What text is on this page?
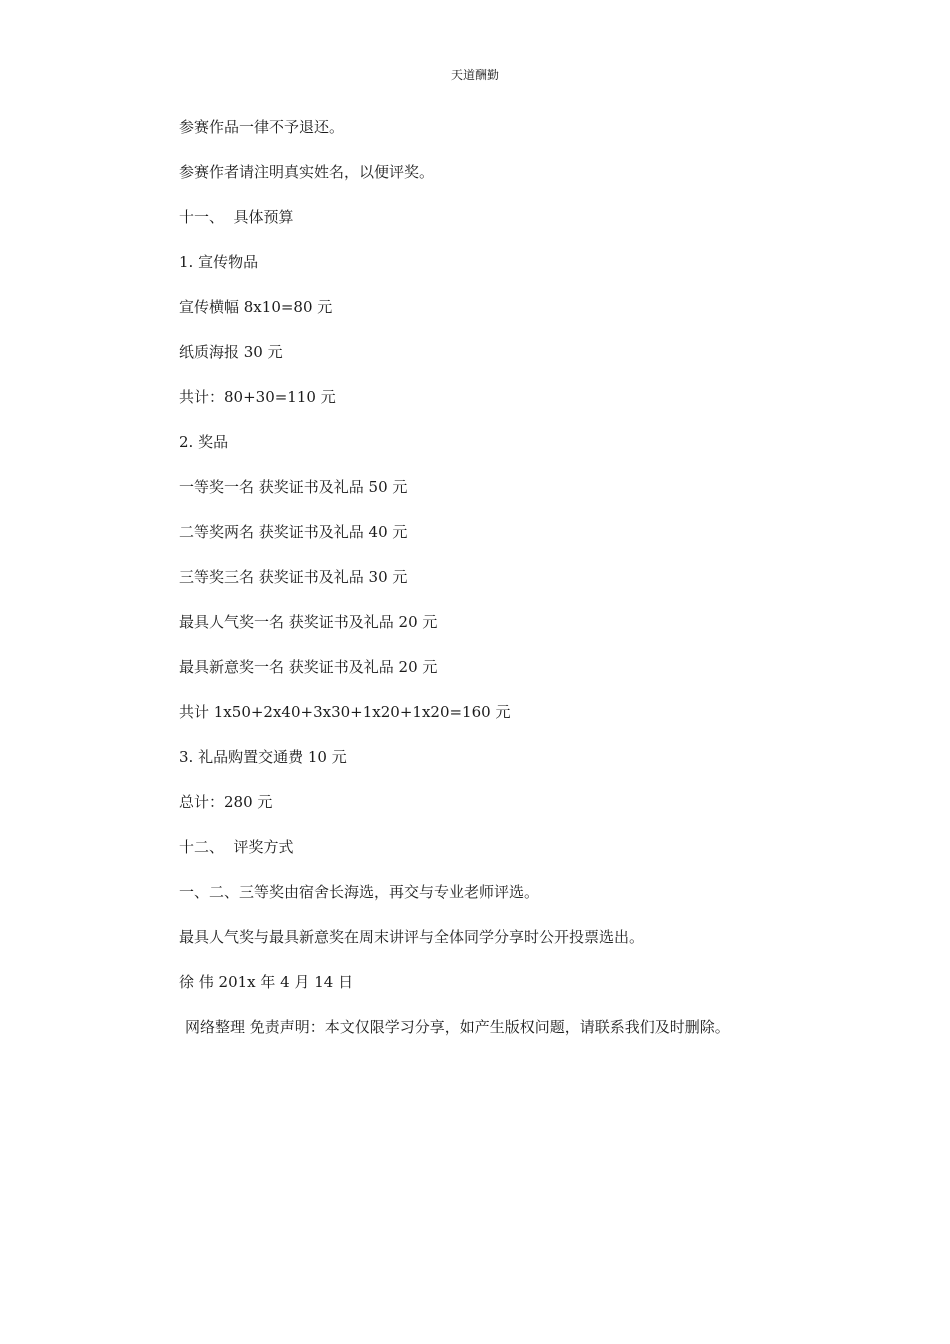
天道酬勤
参赛作品一律不予退还。
参赛作者请注明真实姓名，以便评奖。
十一、  具体预算
1. 宣传物品
宣传横幅 8x10=80 元
纸质海报 30 元
共计：80+30=110 元
2. 奖品
一等奖一名 获奖证书及礼品 50 元
二等奖两名 获奖证书及礼品 40 元
三等奖三名 获奖证书及礼品 30 元
最具人气奖一名 获奖证书及礼品 20 元
最具新意奖一名 获奖证书及礼品 20 元
共计 1x50+2x40+3x30+1x20+1x20=160 元
3. 礼品购置交通费 10 元
总计：280 元
十二、  评奖方式
一、二、三等奖由宿舍长海选，再交与专业老师评选。
最具人气奖与最具新意奖在周末讲评与全体同学分享时公开投票选出。
徐 伟 201x 年 4 月 14 日
网络整理 免责声明：本文仅限学习分享，如产生版权问题，请联系我们及时删除。
